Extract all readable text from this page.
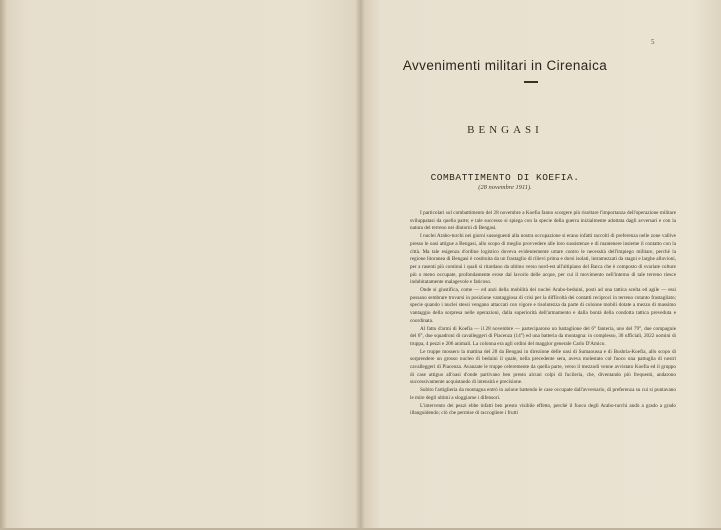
5
Avvenimenti militari in Cirenaica
BENGASI
COMBATTIMENTO DI KOEFIA.
(28 novembre 1911).

I particolari sul combattimento del 28 novembre a Koefia fanno scorgere più risoltare l'importanza dell'operazione militare sviluppatasi da quella parte; e tale successo si spiega con la specie della guerra inizialmente adottata dagli avversari e con la natura del terreno nei dintorni di Bengasi.

I nuclei Arabo-turchi nei giorni susseguenti alla nostra occupazione si erano infatti raccolti di preferenza nelle zone vallive presso le oasi attigue a Bengasi, allo scopo di meglio provvedere alle loro sussistenze e di mantenere insieme il contatto con la città. Ma tale esigenza d'ordine logistico doveva evidentemente urtare contro le necessità dell'impiego militare, perchè la regione litoranea di Bengasi è costituita da un frastaglio di rilievi prima e dorsi isolati, intramezzati da stagni e larghe alluvioni, per a rasenti più continui i quali si ritardano da ultimo verso nord-est all'altipiano del Barca che è composto di svariate colture più o meno occupate, profondamente erose dal lavorio delle acque, per cui il movimento nell'interno di tale terreno riesce indubitatamente malagevole e faticoso.

Onde si giustifica, come — ed anzi della mobilità dei nuclei Arabo-beduini, posti ad una tattica scelta ed agile — essi possano sembrare trovarsi in posizione vantaggiosa di crisi per la difficoltà dei contatti reciproci in terreno cotanto frastagliato; specie quando i nuclei stessi vengano attaccati con vigore e risolutezza da parte di colonne mobili dotate a mezzo di massimo vantaggio della sorpresa nelle operazioni, dalla superiorità dell'armamento e dalla bontà della condotta tattica preveduta e coordinata.

Al fatto d'armi di Koefia — il 28 novembre — parteciparono un battaglione del 6° fanteria, uno del 79°, due compagnie del 6°, due squadroni di cavalleggeri di Piacenza (14°) ed una batteria da montagna: in complesso, 30 ufficiali, 2022 uomini di truppa, 4 pezzi e 206 animali. La colonna era agli ordini del maggior generale Carlo D'Amico.

Le truppe mossero la mattina del 28 da Bengasi in direzione delle oasi di Sumaoussa e di Bushria-Koefia, allo scopo di sorprendere un grosso nucleo di beduini il quale, nella precedente sera, aveva molestato col fuoco una pattuglia di nostri cavalleggeri di Piacenza. Avanzate le truppe celeremente da quella parte, verso il mezzodì venne avvistato Koefia ed il gruppo di case attiguo all'oasi d'onde partivano ben presto alcuni colpi di fucileria, che, diventando più frequenti, andarono successivamente acquistando di intensità e precisione.

Subito l'artiglieria da montagna entrò in azione battendo le case occupate dall'avversario, di preferenza su cui si puntavano le mire degli ultimi a sloggiarne i difensori.

L'intervento dei pezzi ebbe infatti ben presto visibile effetto, perchè il fuoco degli Arabo-turchi andò a grado a grado illanguidendo; ciò che permise di raccogliere i frutti
